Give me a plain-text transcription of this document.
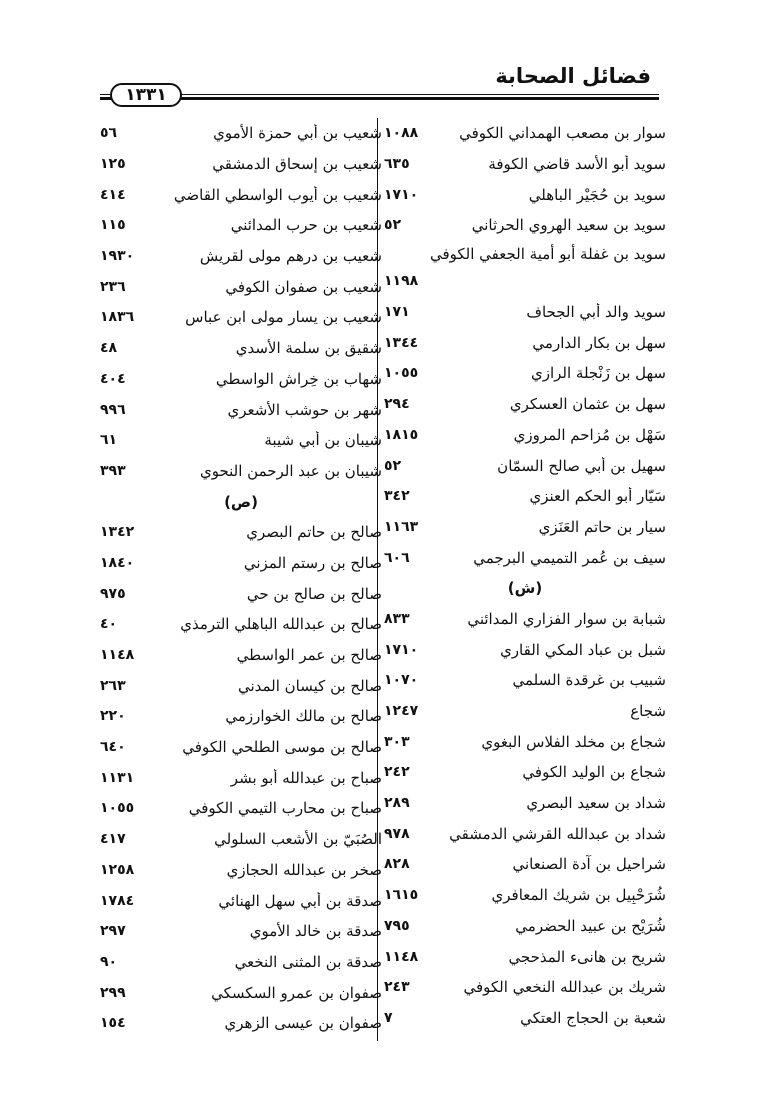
فضائل الصحابة
١٣٣١
سوار بن مصعب الهمداني الكوفي
١٠٨٨
سويد أبو الأسد قاضي الكوفة
٦٣٥
سويد بن حُجَيْر الباهلي
١٧١٠
سويد بن سعيد الهروي الحرثاني
٥٢
سويد بن غفلة أبو أمية الجعفي الكوفي
١١٩٨
سويد والد أبي الجحاف
١٧١
سهل بن بكار الدارمي
١٣٤٤
سهل بن زَنْجلة الرازي
١٠٥٥
سهل بن عثمان العسكري
٢٩٤
سَهْل بن مُزاحم المروزي
١٨١٥
سهيل بن أبي صالح السمّان
٥٢
سَيّار أبو الحكم العنزي
٣٤٢
سيار بن حاتم العَنَزي
١١٦٣
سيف بن عُمر التميمي البرجمي
٦٠٦
(ش)
شبابة بن سوار الفزاري المدائني
٨٣٣
شبل بن عباد المكي القاري
١٧١٠
شبيب بن غرقدة السلمي
١٠٧٠
شجاع
١٢٤٧
شجاع بن مخلد الفلاس البغوي
٣٠٣
شجاع بن الوليد الكوفي
٢٤٢
شداد بن سعيد البصري
٢٨٩
شداد بن عبدالله القرشي الدمشقي
٩٧٨
شراحيل بن آدة الصنعاني
٨٢٨
شُرَحْبِيل بن شريك المعافري
١٦١٥
شُرَيْح بن عبيد الحضرمي
٧٩٥
شريح بن هانىء المذحجي
١١٤٨
شريك بن عبدالله النخعي الكوفي
٢٤٣
شعبة بن الحجاج العتكي
٧
شعيب بن أبي حمزة الأموي
٥٦
شعيب بن إسحاق الدمشقي
١٢٥
شعيب بن أيوب الواسطي القاضي
٤١٤
شعيب بن حرب المدائني
١١٥
شعيب بن درهم مولى لقريش
١٩٣٠
شعيب بن صفوان الكوفي
٢٣٦
شعيب بن يسار مولى ابن عباس
١٨٣٦
شقيق بن سلمة الأسدي
٤٨
شهاب بن خِراش الواسطي
٤٠٤
شهر بن حوشب الأشعري
٩٩٦
شيبان بن أبي شيبة
٦١
شيبان بن عبد الرحمن النحوي
٣٩٣
(ص)
صالح بن حاتم البصري
١٣٤٢
صالح بن رستم المزني
١٨٤٠
صالح بن صالح بن حي
٩٧٥
صالح بن عبدالله الباهلي الترمذي
٤٠
صالح بن عمر الواسطي
١١٤٨
صالح بن كيسان المدني
٢٦٣
صالح بن مالك الخوارزمي
٢٢٠
صالح بن موسى الطلحي الكوفي
٦٤٠
صباح بن عبدالله أبو بشر
١١٣١
صباح بن محارب التيمي الكوفي
١٠٥٥
الصُبَيّ بن الأشعب السلولي
٤١٧
صخر بن عبدالله الحجازي
١٢٥٨
صدقة بن أبي سهل الهنائي
١٧٨٤
صدقة بن خالد الأموي
٢٩٧
صدقة بن المثنى النخعي
٩٠
صفوان بن عمرو السكسكي
٢٩٩
صفوان بن عيسى الزهري
١٥٤
